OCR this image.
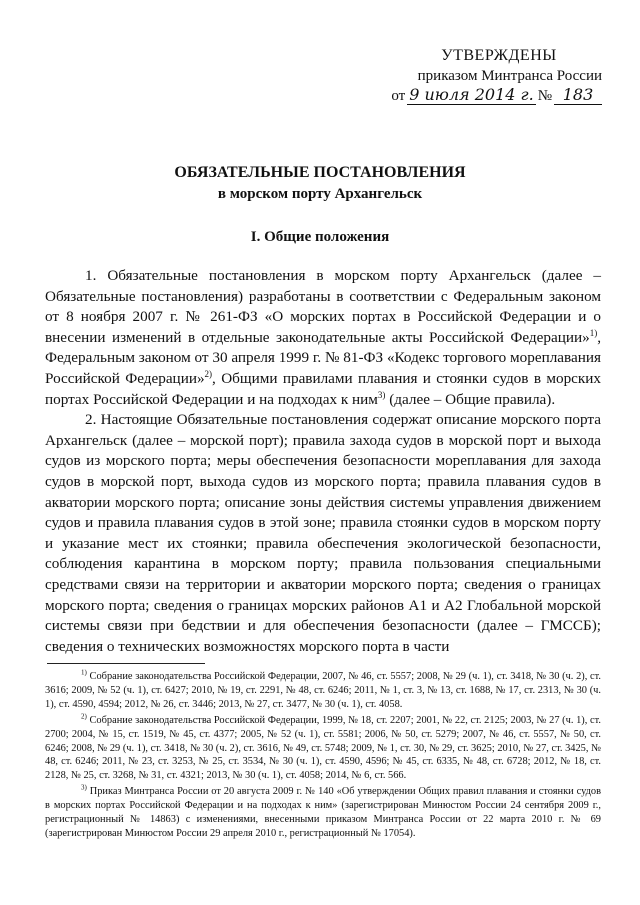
УТВЕРЖДЕНЫ
приказом Минтранса России
от 9 июля 2014 г. № 183
ОБЯЗАТЕЛЬНЫЕ ПОСТАНОВЛЕНИЯ
в морском порту Архангельск
I. Общие положения

1. Обязательные постановления в морском порту Архангельск (далее – Обязательные постановления) разработаны в соответствии с Федеральным законом от 8 ноября 2007 г. № 261-ФЗ «О морских портах в Российской Федерации и о внесении изменений в отдельные законодательные акты Российской Федерации»$^{1)}$, Федеральным законом от 30 апреля 1999 г. № 81-ФЗ «Кодекс торгового мореплавания Российской Федерации»$^{2)}$, Общими правилами плавания и стоянки судов в морских портах Российской Федерации и на подходах к ним$^{3)}$ (далее – Общие правила).

2. Настоящие Обязательные постановления содержат описание морского порта Архангельск (далее – морской порт); правила захода судов в морской порт и выхода судов из морского порта; меры обеспечения безопасности мореплавания для захода судов в морской порт, выхода судов из морского порта; правила плавания судов в акватории морского порта; описание зоны действия системы управления движением судов и правила плавания судов в этой зоне; правила стоянки судов в морском порту и указание мест их стоянки; правила обеспечения экологической безопасности, соблюдения карантина в морском порту; правила пользования специальными средствами связи на территории и акватории морского порта; сведения о границах морского порта; сведения о границах морских районов A1 и A2 Глобальной морской системы связи при бедствии и для обеспечения безопасности (далее – ГМССБ); сведения о технических возможностях морского порта в части

$^{1)}$ Собрание законодательства Российской Федерации, 2007, № 46, ст. 5557; 2008, № 29 (ч. 1), ст. 3418, № 30 (ч. 2), ст. 3616; 2009, № 52 (ч. 1), ст. 6427; 2010, № 19, ст. 2291, № 48, ст. 6246; 2011, № 1, ст. 3, № 13, ст. 1688, № 17, ст. 2313, № 30 (ч. 1), ст. 4590, 4594; 2012, № 26, ст. 3446; 2013, № 27, ст. 3477, № 30 (ч. 1), ст. 4058.

$^{2)}$ Собрание законодательства Российской Федерации, 1999, № 18, ст. 2207; 2001, № 22, ст. 2125; 2003, № 27 (ч. 1), ст. 2700; 2004, № 15, ст. 1519, № 45, ст. 4377; 2005, № 52 (ч. 1), ст. 5581; 2006, № 50, ст. 5279; 2007, № 46, ст. 5557, № 50, ст. 6246; 2008, № 29 (ч. 1), ст. 3418, № 30 (ч. 2), ст. 3616, № 49, ст. 5748; 2009, № 1, ст. 30, № 29, ст. 3625; 2010, № 27, ст. 3425, № 48, ст. 6246; 2011, № 23, ст. 3253, № 25, ст. 3534, № 30 (ч. 1), ст. 4590, 4596; № 45, ст. 6335, № 48, ст. 6728; 2012, № 18, ст. 2128, № 25, ст. 3268, № 31, ст. 4321; 2013, № 30 (ч. 1), ст. 4058; 2014, № 6, ст. 566.

$^{3)}$ Приказ Минтранса России от 20 августа 2009 г. № 140 «Об утверждении Общих правил плавания и стоянки судов в морских портах Российской Федерации и на подходах к ним» (зарегистрирован Минюстом России 24 сентября 2009 г., регистрационный № 14863) с изменениями, внесенными приказом Минтранса России от 22 марта 2010 г. № 69 (зарегистрирован Минюстом России 29 апреля 2010 г., регистрационный № 17054).
